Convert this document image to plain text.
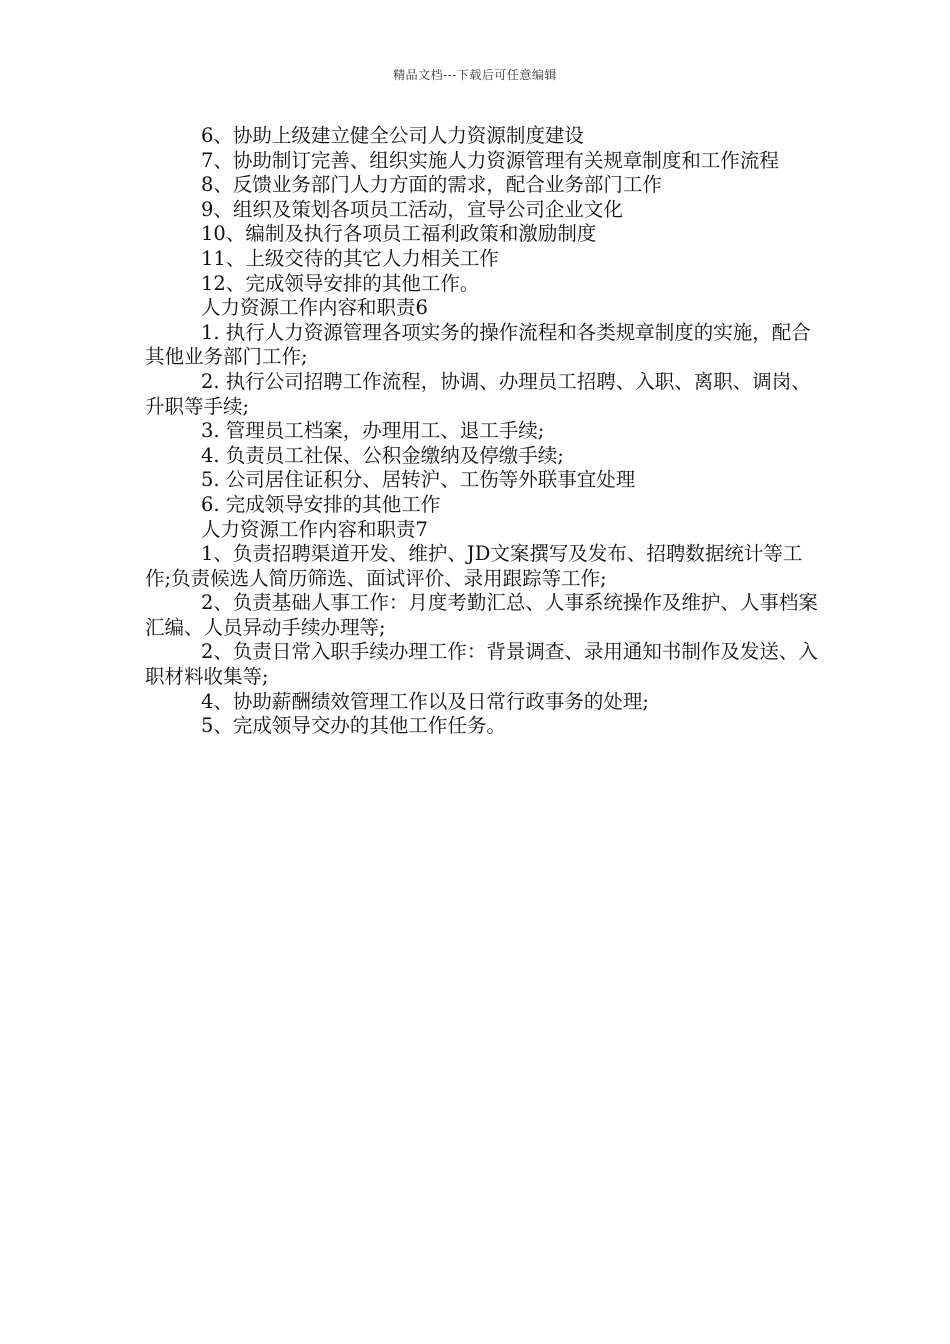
精品文档---下载后可任意编辑

6、协助上级建立健全公司人力资源制度建设

7、协助制订完善、组织实施人力资源管理有关规章制度和工作流程

8、反馈业务部门人力方面的需求，配合业务部门工作

9、组织及策划各项员工活动，宣导公司企业文化

10、编制及执行各项员工福利政策和激励制度

11、上级交待的其它人力相关工作

12、完成领导安排的其他工作。

人力资源工作内容和职责6

1. 执行人力资源管理各项实务的操作流程和各类规章制度的实施，配合其他业务部门工作;

2. 执行公司招聘工作流程，协调、办理员工招聘、入职、离职、调岗、升职等手续;

3. 管理员工档案，办理用工、退工手续;

4. 负责员工社保、公积金缴纳及停缴手续;

5. 公司居住证积分、居转沪、工伤等外联事宜处理

6. 完成领导安排的其他工作

人力资源工作内容和职责7

1、负责招聘渠道开发、维护、JD文案撰写及发布、招聘数据统计等工作;负责候选人简历筛选、面试评价、录用跟踪等工作;

2、负责基础人事工作：月度考勤汇总、人事系统操作及维护、人事档案汇编、人员异动手续办理等;

2、负责日常入职手续办理工作：背景调查、录用通知书制作及发送、入职材料收集等;

4、协助薪酬绩效管理工作以及日常行政事务的处理;

5、完成领导交办的其他工作任务。
